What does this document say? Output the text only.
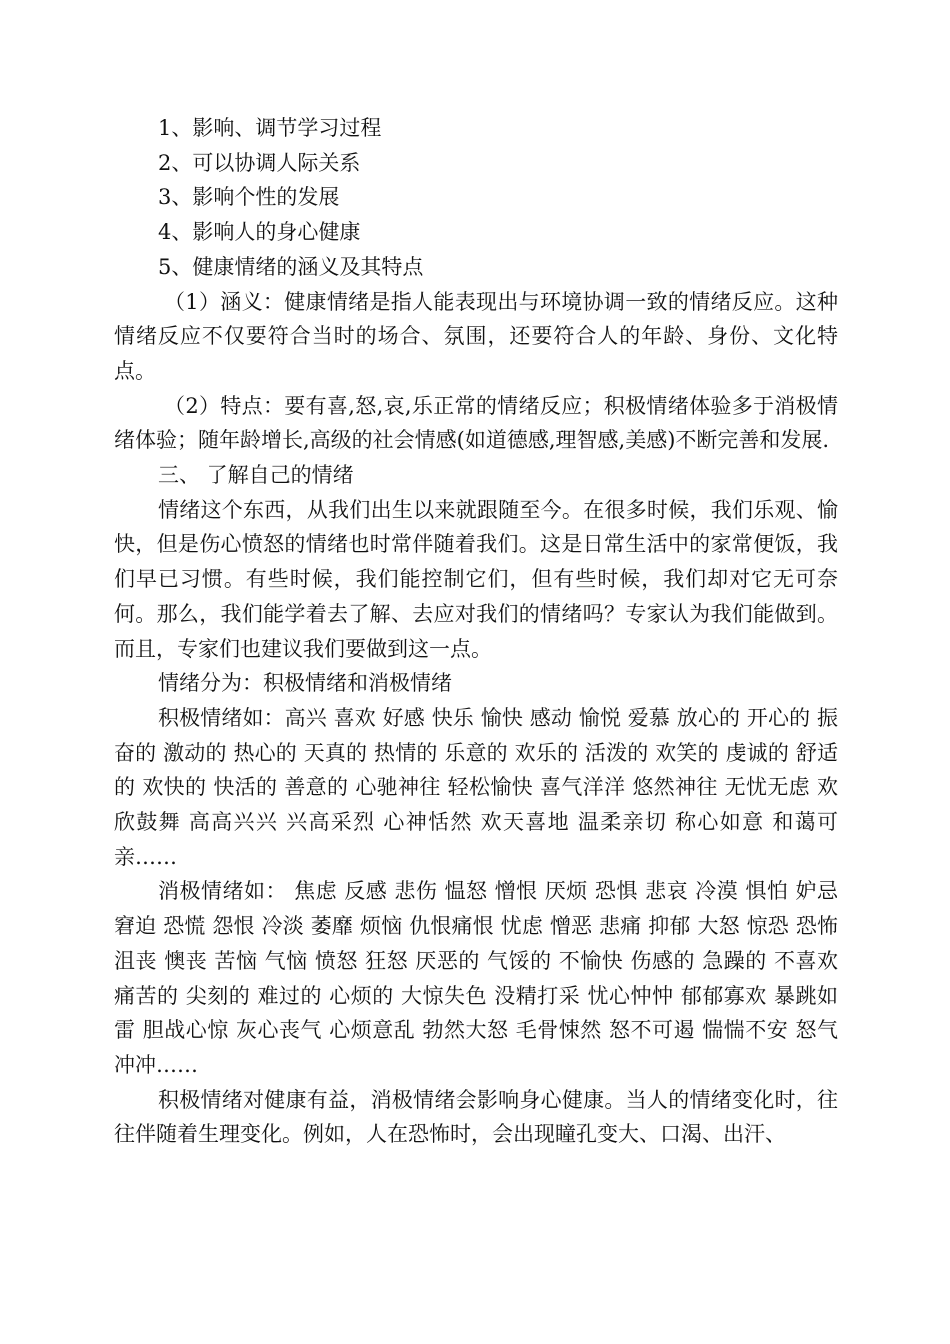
1、影响、调节学习过程

2、可以协调人际关系

3、影响个性的发展

4、影响人的身心健康

5、健康情绪的涵义及其特点

（1）涵义：健康情绪是指人能表现出与环境协调一致的情绪反应。这种情绪反应不仅要符合当时的场合、氛围，还要符合人的年龄、身份、文化特点。

（2）特点：要有喜,怒,哀,乐正常的情绪反应；积极情绪体验多于消极情绪体验；随年龄增长,高级的社会情感(如道德感,理智感,美感)不断完善和发展.

三、 了解自己的情绪

情绪这个东西，从我们出生以来就跟随至今。在很多时候，我们乐观、愉快，但是伤心愤怒的情绪也时常伴随着我们。这是日常生活中的家常便饭，我们早已习惯。有些时候，我们能控制它们，但有些时候，我们却对它无可奈何。那么，我们能学着去了解、去应对我们的情绪吗？专家认为我们能做到。而且，专家们也建议我们要做到这一点。

情绪分为：积极情绪和消极情绪

积极情绪如：高兴 喜欢 好感 快乐 愉快 感动 愉悦 爱慕 放心的 开心的 振奋的 激动的 热心的 天真的 热情的 乐意的 欢乐的 活泼的 欢笑的 虔诚的 舒适的 欢快的 快活的 善意的 心驰神往 轻松愉快 喜气洋洋 悠然神往 无忧无虑 欢欣鼓舞 高高兴兴 兴高采烈 心神恬然 欢天喜地 温柔亲切 称心如意 和蔼可亲……

消极情绪如： 焦虑 反感 悲伤 愠怒 憎恨 厌烦 恐惧 悲哀 冷漠 惧怕 妒忌 窘迫 恐慌 怨恨 冷淡 萎靡 烦恼 仇恨痛恨 忧虑 憎恶 悲痛 抑郁 大怒 惊恐 恐怖 沮丧 懊丧 苦恼 气恼 愤怒 狂怒 厌恶的 气馁的 不愉快 伤感的 急躁的 不喜欢 痛苦的 尖刻的 难过的 心烦的 大惊失色 没精打采 忧心忡忡 郁郁寡欢 暴跳如雷 胆战心惊 灰心丧气 心烦意乱 勃然大怒 毛骨悚然 怒不可遏 惴惴不安 怒气冲冲……

积极情绪对健康有益，消极情绪会影响身心健康。当人的情绪变化时，往往伴随着生理变化。例如，人在恐怖时，会出现瞳孔变大、口渴、出汗、
